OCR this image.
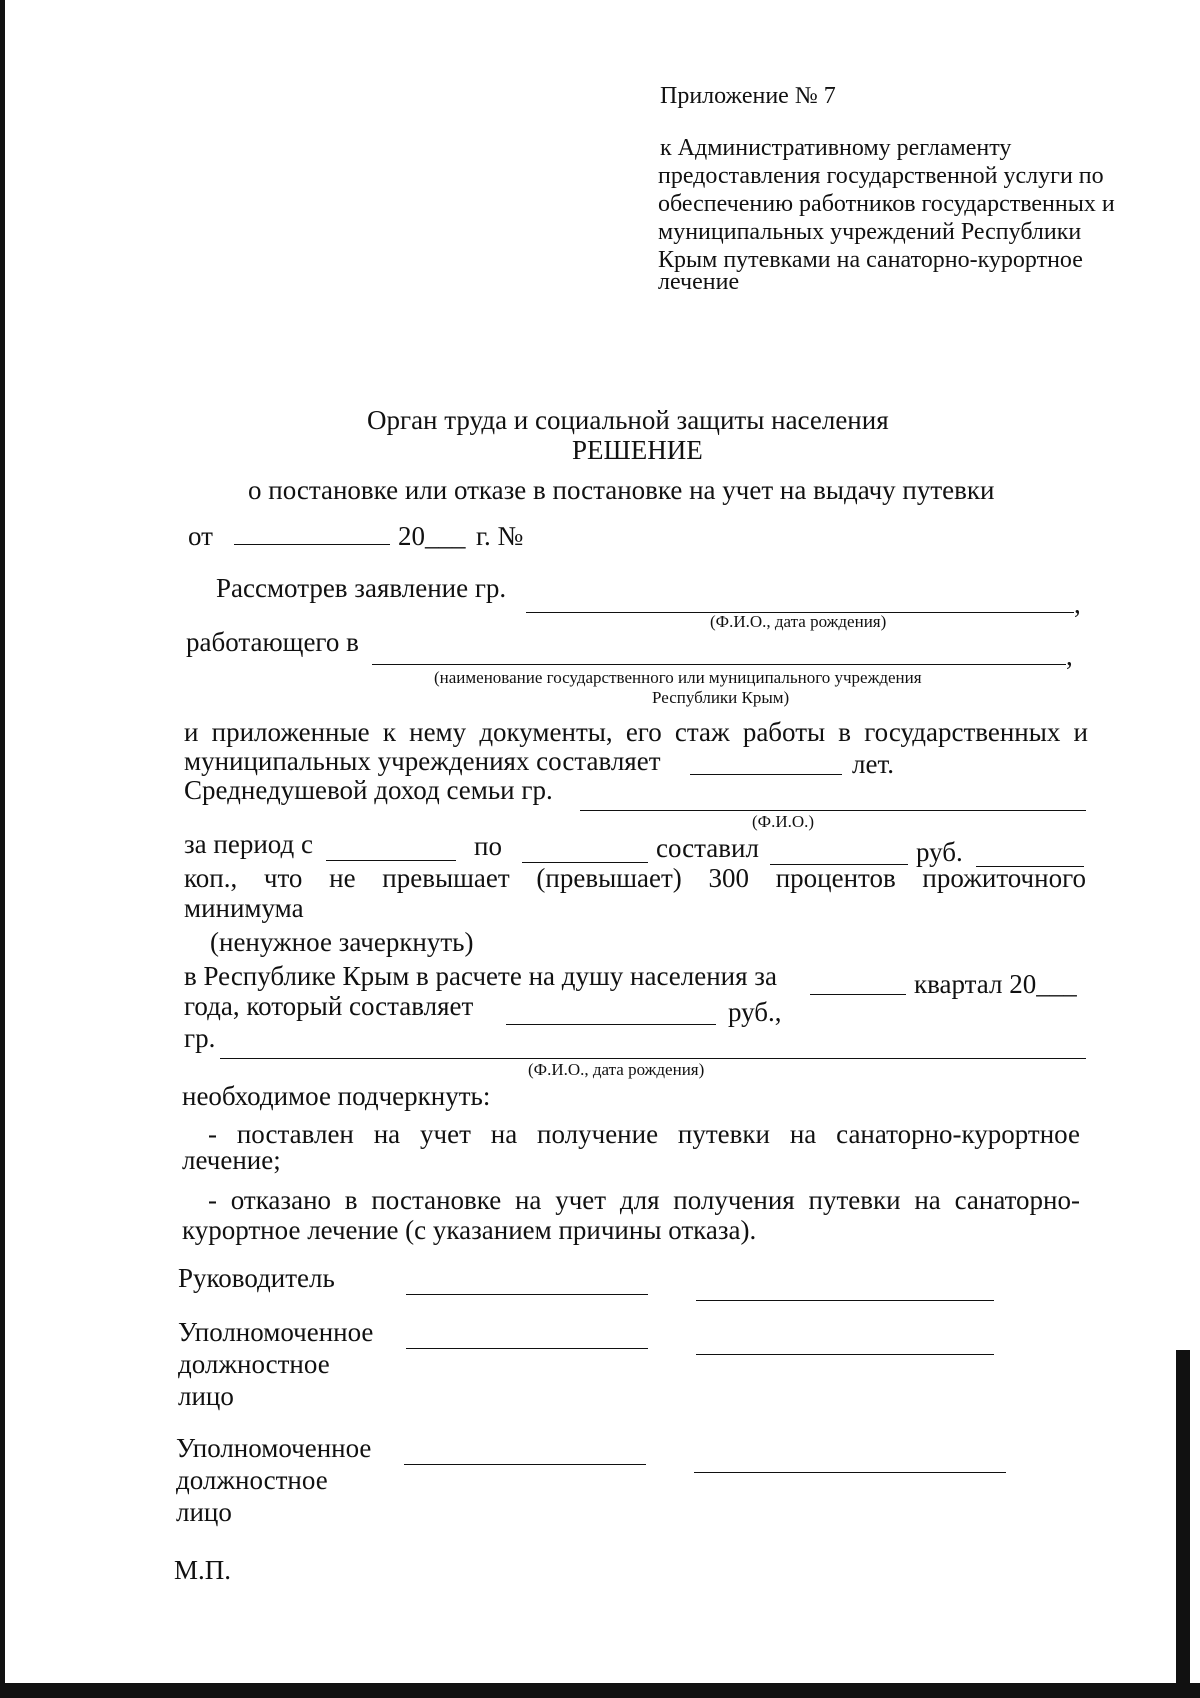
Приложение № 7
к Административному регламенту
предоставления государственной услуги по
обеспечению работников государственных и
муниципальных учреждений Республики
Крым путевками на санаторно-курортное
лечение
Орган труда и социальной защиты населения
РЕШЕНИЕ
о постановке или отказе в постановке на учет на выдачу путевки
от	20___ г. №
Рассмотрев заявление гр.
,
(Ф.И.О., дата рождения)
работающего в	,
(наименование государственного или муниципального учреждения
Республики Крым)
и приложенные к нему документы, его стаж работы в государственных и
муниципальных учреждениях составляет	лет.
Среднедушевой доход семьи гр.
(Ф.И.О.)
за период с	по	составил	руб.
коп., что не превышает (превышает) 300 процентов прожиточного
минимума
(ненужное зачеркнуть)
в Республике Крым в расчете на душу населения за	квартал 20___
года, который составляет	руб.,
гр.
(Ф.И.О., дата рождения)
необходимое подчеркнуть:
- поставлен на учет на получение путевки на санаторно-курортное
лечение;
- отказано в постановке на учет для получения путевки на санаторно-
курортное лечение (с указанием причины отказа).
Руководитель
Уполномоченное
должностное
лицо
Уполномоченное
должностное
лицо
М.П.
